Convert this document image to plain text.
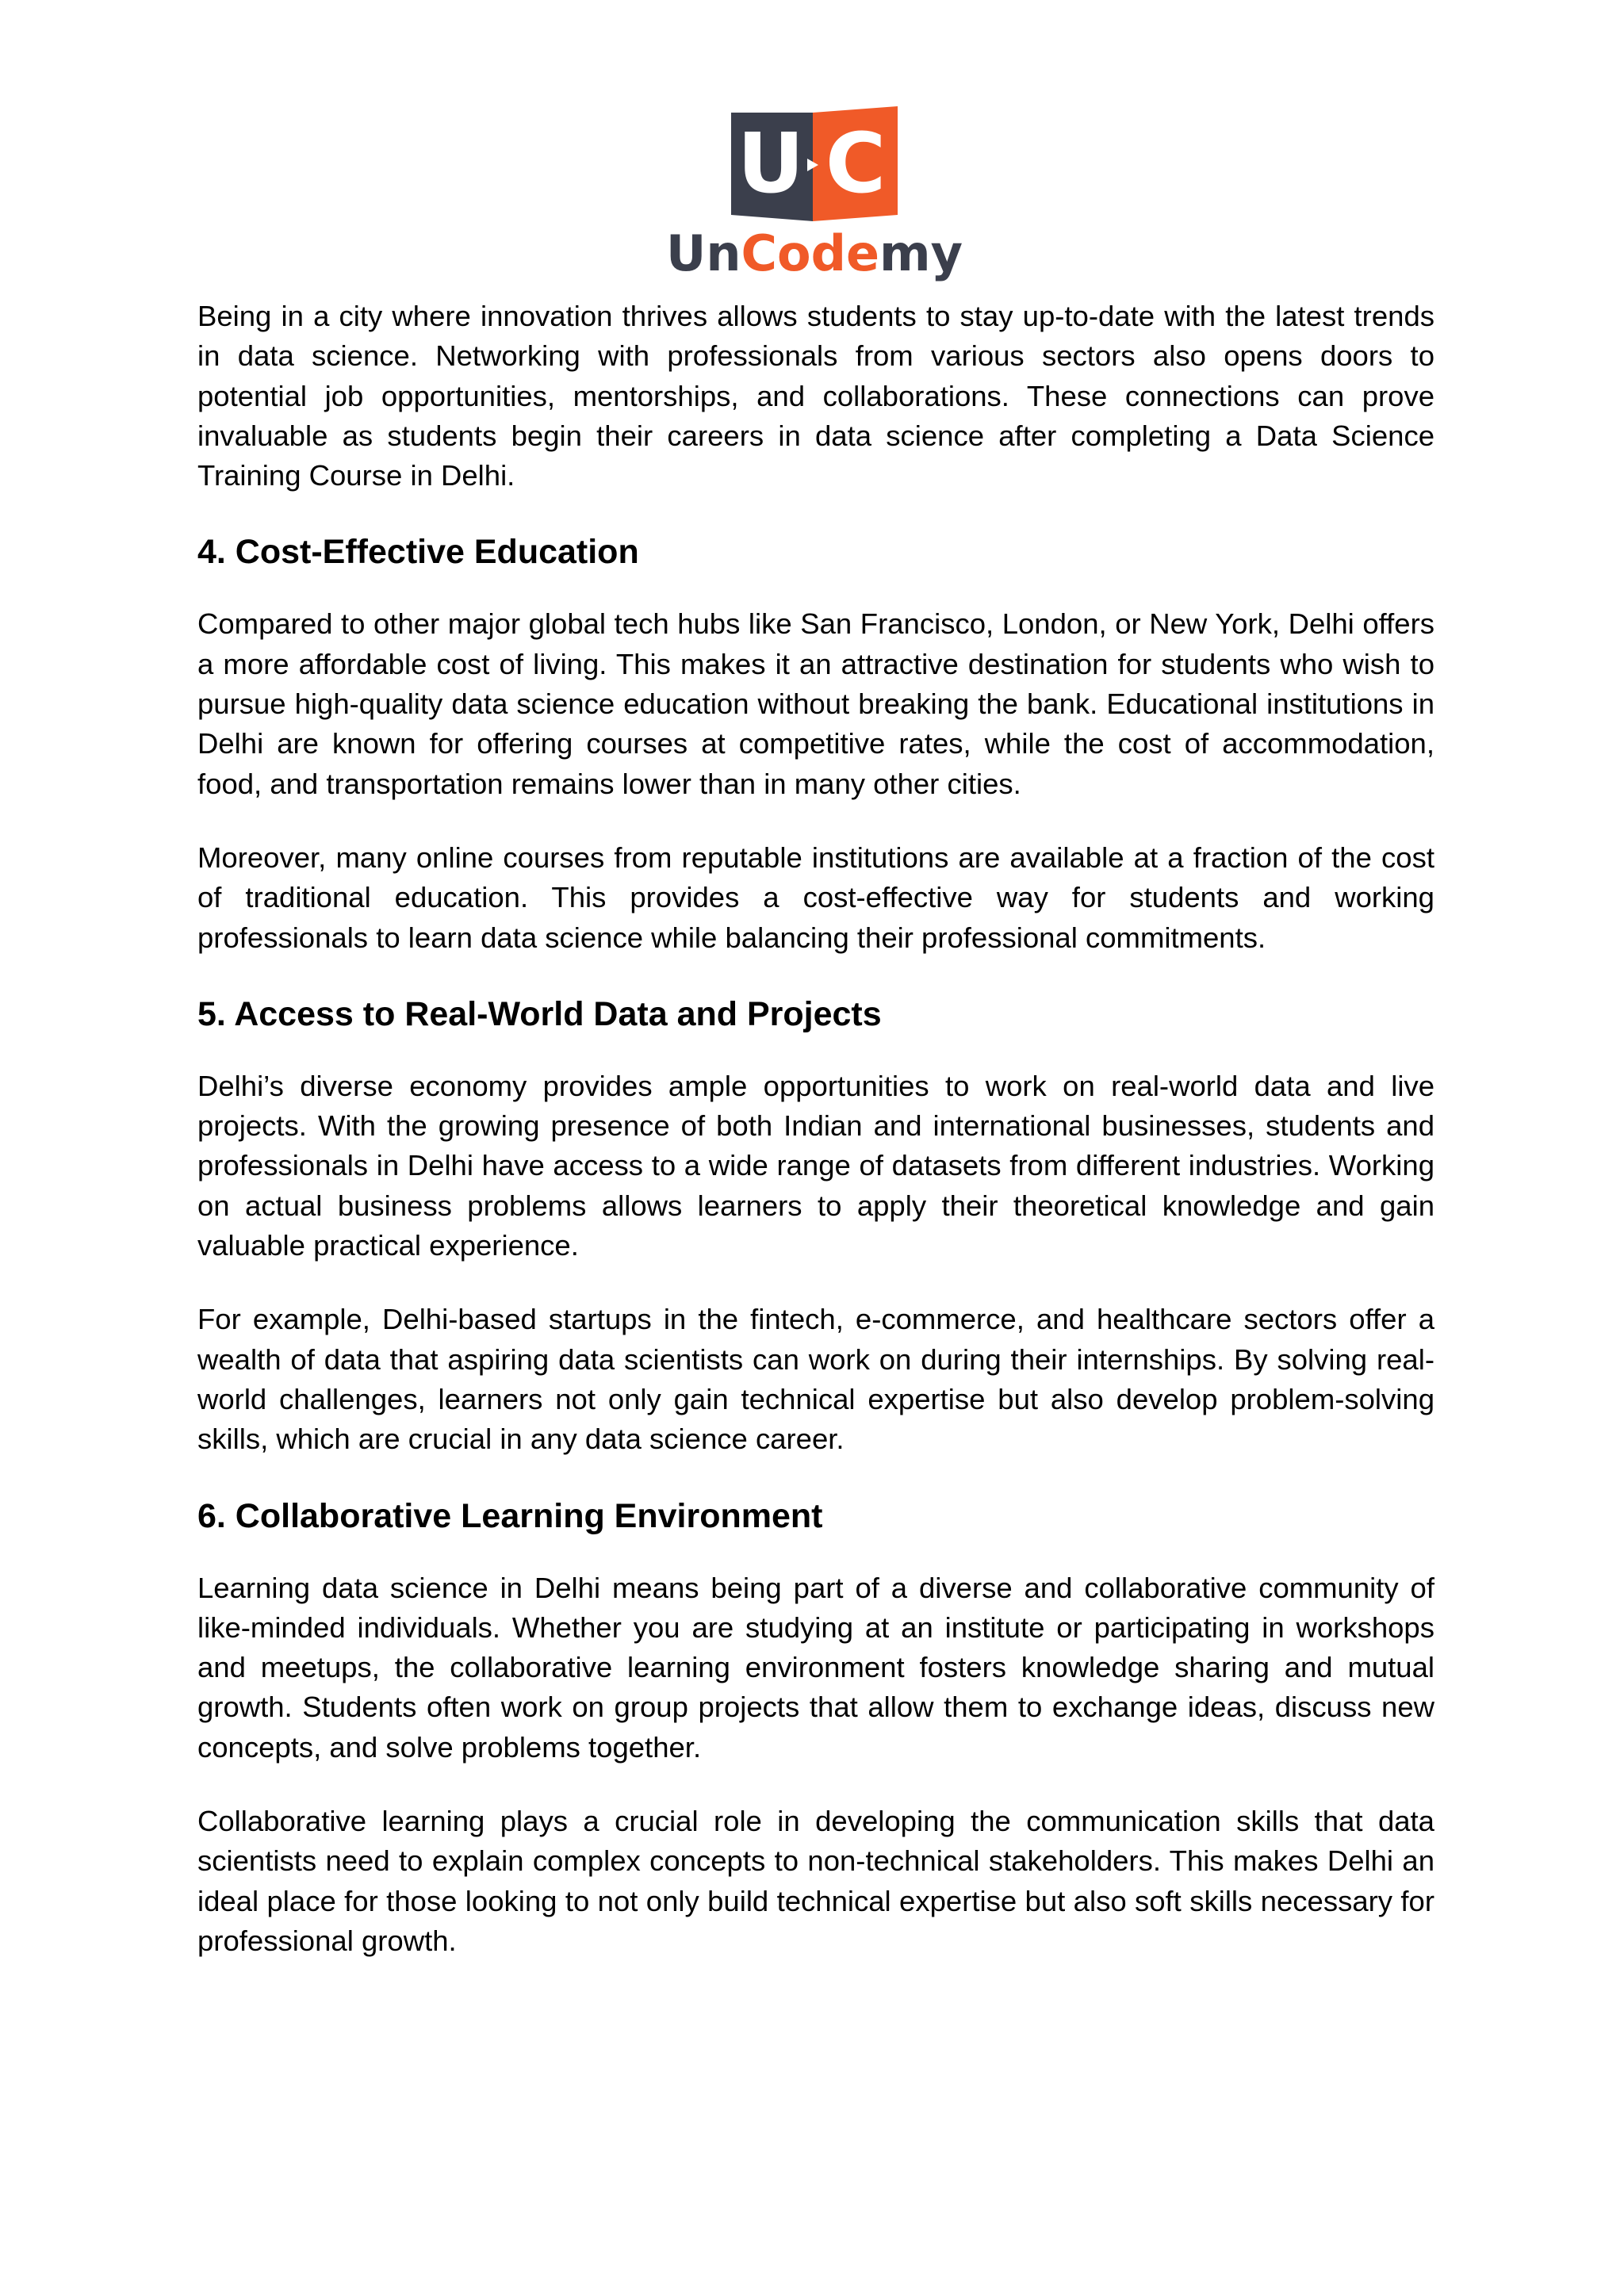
U C
UnCodemy

Being in a city where innovation thrives allows students to stay up-to-date with the latest trends in data science. Networking with professionals from various sectors also opens doors to potential job opportunities, mentorships, and collaborations. These connections can prove invaluable as students begin their careers in data science after completing a Data Science Training Course in Delhi.

4. Cost-Effective Education

Compared to other major global tech hubs like San Francisco, London, or New York, Delhi offers a more affordable cost of living. This makes it an attractive destination for students who wish to pursue high-quality data science education without breaking the bank. Educational institutions in Delhi are known for offering courses at competitive rates, while the cost of accommodation, food, and transportation remains lower than in many other cities.

Moreover, many online courses from reputable institutions are available at a fraction of the cost of traditional education. This provides a cost-effective way for students and working professionals to learn data science while balancing their professional commitments.

5. Access to Real-World Data and Projects

Delhi’s diverse economy provides ample opportunities to work on real-world data and live projects. With the growing presence of both Indian and international businesses, students and professionals in Delhi have access to a wide range of datasets from different industries. Working on actual business problems allows learners to apply their theoretical knowledge and gain valuable practical experience.

For example, Delhi-based startups in the fintech, e-commerce, and healthcare sectors offer a wealth of data that aspiring data scientists can work on during their internships. By solving real-world challenges, learners not only gain technical expertise but also develop problem-solving skills, which are crucial in any data science career.

6. Collaborative Learning Environment

Learning data science in Delhi means being part of a diverse and collaborative community of like-minded individuals. Whether you are studying at an institute or participating in workshops and meetups, the collaborative learning environment fosters knowledge sharing and mutual growth. Students often work on group projects that allow them to exchange ideas, discuss new concepts, and solve problems together.

Collaborative learning plays a crucial role in developing the communication skills that data scientists need to explain complex concepts to non-technical stakeholders. This makes Delhi an ideal place for those looking to not only build technical expertise but also soft skills necessary for professional growth.
